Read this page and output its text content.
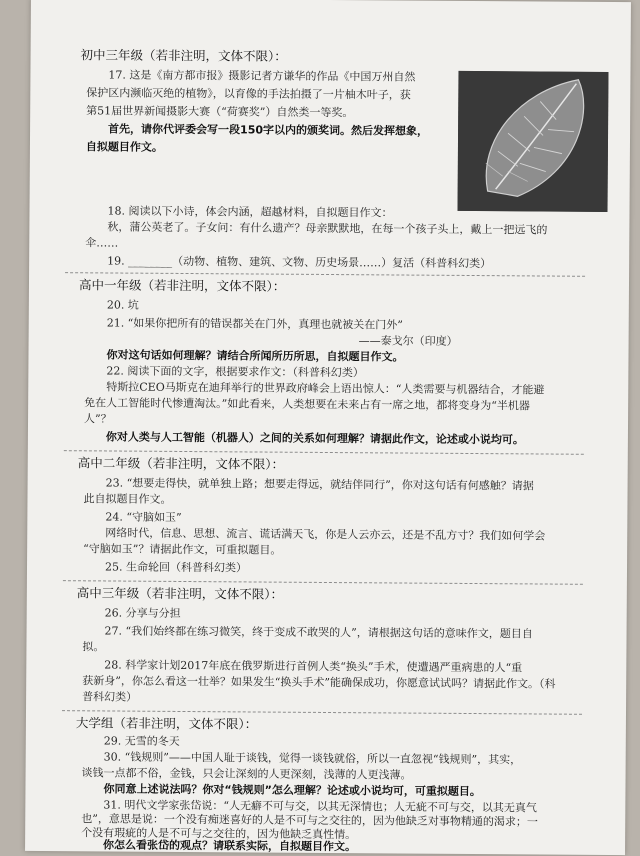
初中三年级（若非注明，文体不限）：
17. 这是《南方都市报》摄影记者方谦华的作品《中国万州自然
保护区内濒临灭绝的植物》，以育像的手法拍摄了一片柚木叶子，获
第51届世界新闻摄影大赛（“荷赛奖”）自然类一等奖。
首先，请你代评委会写一段150字以内的颁奖词。然后发挥想象，
自拟题目作文。
18. 阅读以下小诗，体会内涵，超越材料，自拟题目作文：
秋，蒲公英老了。子女问：有什么遗产？母亲默默地，在每一个孩子头上，戴上一把远飞的
伞……
19. ________（动物、植物、建筑、文物、历史场景……）复活（科普科幻类）
高中一年级（若非注明，文体不限）：
20. 坑
21. “如果你把所有的错误都关在门外，真理也就被关在门外”
——泰戈尔（印度）
你对这句话如何理解？请结合所闻所历所思，自拟题目作文。
22. 阅读下面的文字，根据要求作文：（科普科幻类）
特斯拉CEO马斯克在迪拜举行的世界政府峰会上语出惊人：“人类需要与机器结合，才能避
免在人工智能时代惨遭淘汰。”如此看来，人类想要在未来占有一席之地，都将变身为“半机器
人”？
你对人类与人工智能（机器人）之间的关系如何理解？请据此作文，论述或小说均可。
高中二年级（若非注明，文体不限）：
23. “想要走得快，就单独上路；想要走得远，就结伴同行”，你对这句话有何感触？请据
此自拟题目作文。
24. “守脑如玉”
网络时代，信息、思想、流言、谎话满天飞，你是人云亦云，还是不乱方寸？我们如何学会
“守脑如玉”？请据此作文，可重拟题目。
25. 生命轮回（科普科幻类）
高中三年级（若非注明，文体不限）：
26. 分享与分担
27. “我们始终都在练习微笑，终于变成不敢哭的人”，请根据这句话的意味作文，题目自
拟。
28. 科学家计划2017年底在俄罗斯进行首例人类“换头”手术，使遭遇严重病患的人“重
获新身”，你怎么看这一壮举？如果发生“换头手术”能确保成功，你愿意试试吗？请据此作文。（科
普科幻类）
大学组（若非注明，文体不限）：
29. 无雪的冬天
30. “钱规则”——中国人耻于谈钱，觉得一谈钱就俗，所以一直忽视“钱规则”，其实，
谈钱一点都不俗，金钱，只会让深刻的人更深刻，浅薄的人更浅薄。
你同意上述说法吗？你对“钱规则”怎么理解？论述或小说均可，可重拟题目。
31. 明代文学家张岱说：“人无癖不可与交，以其无深情也；人无疵不可与交，以其无真气
也”，意思是说：一个没有痴迷喜好的人是不可与之交往的，因为他缺乏对事物精通的渴求；一
个没有瑕疵的人是不可与之交往的，因为他缺乏真性情。
你怎么看张岱的观点？请联系实际，自拟题目作文。
